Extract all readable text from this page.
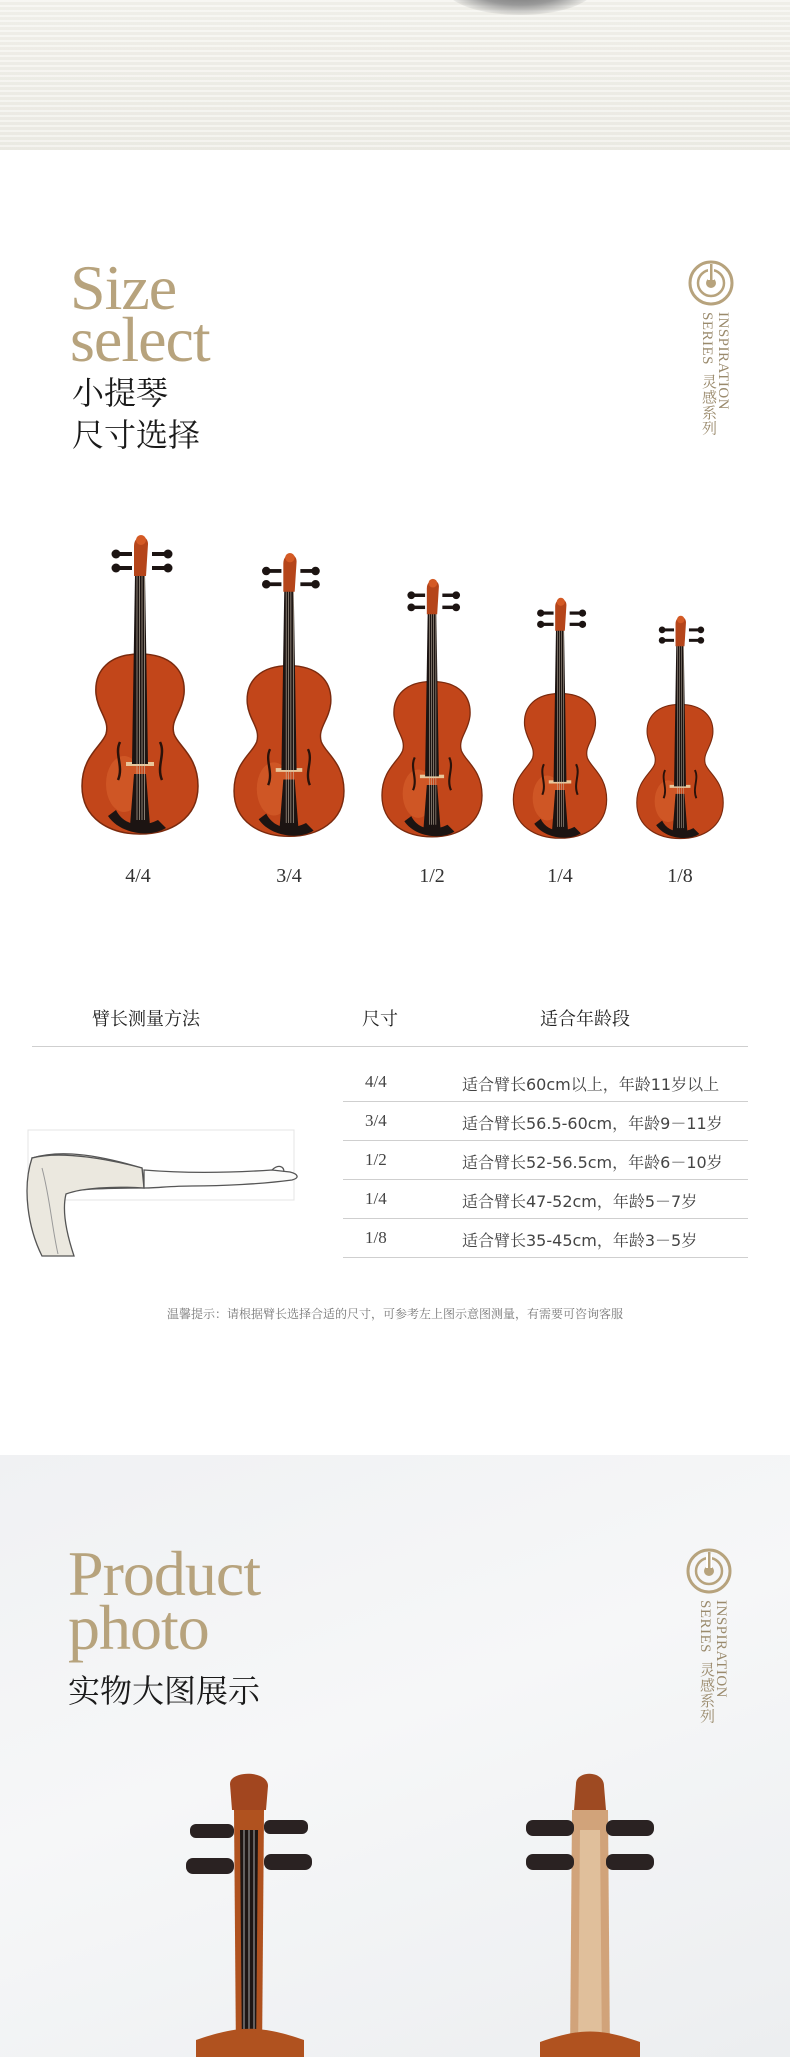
Size
select
小提琴
尺寸选择
INSPIRATION
SERIES
灵感系列
4/4	3/4	1/2	1/4	1/8
臂长测量方法	尺寸	适合年龄段
4/4	适合臂长60cm以上，年龄11岁以上
3/4	适合臂长56.5-60cm，年龄9－11岁
1/2	适合臂长52-56.5cm，年龄6－10岁
1/4	适合臂长47-52cm，年龄5－7岁
1/8	适合臂长35-45cm，年龄3－5岁
温馨提示：请根据臂长选择合适的尺寸，可参考左上图示意图测量，有需要可咨询客服
Product
photo
实物大图展示	INSPIRATION
SERIES
灵感系列
